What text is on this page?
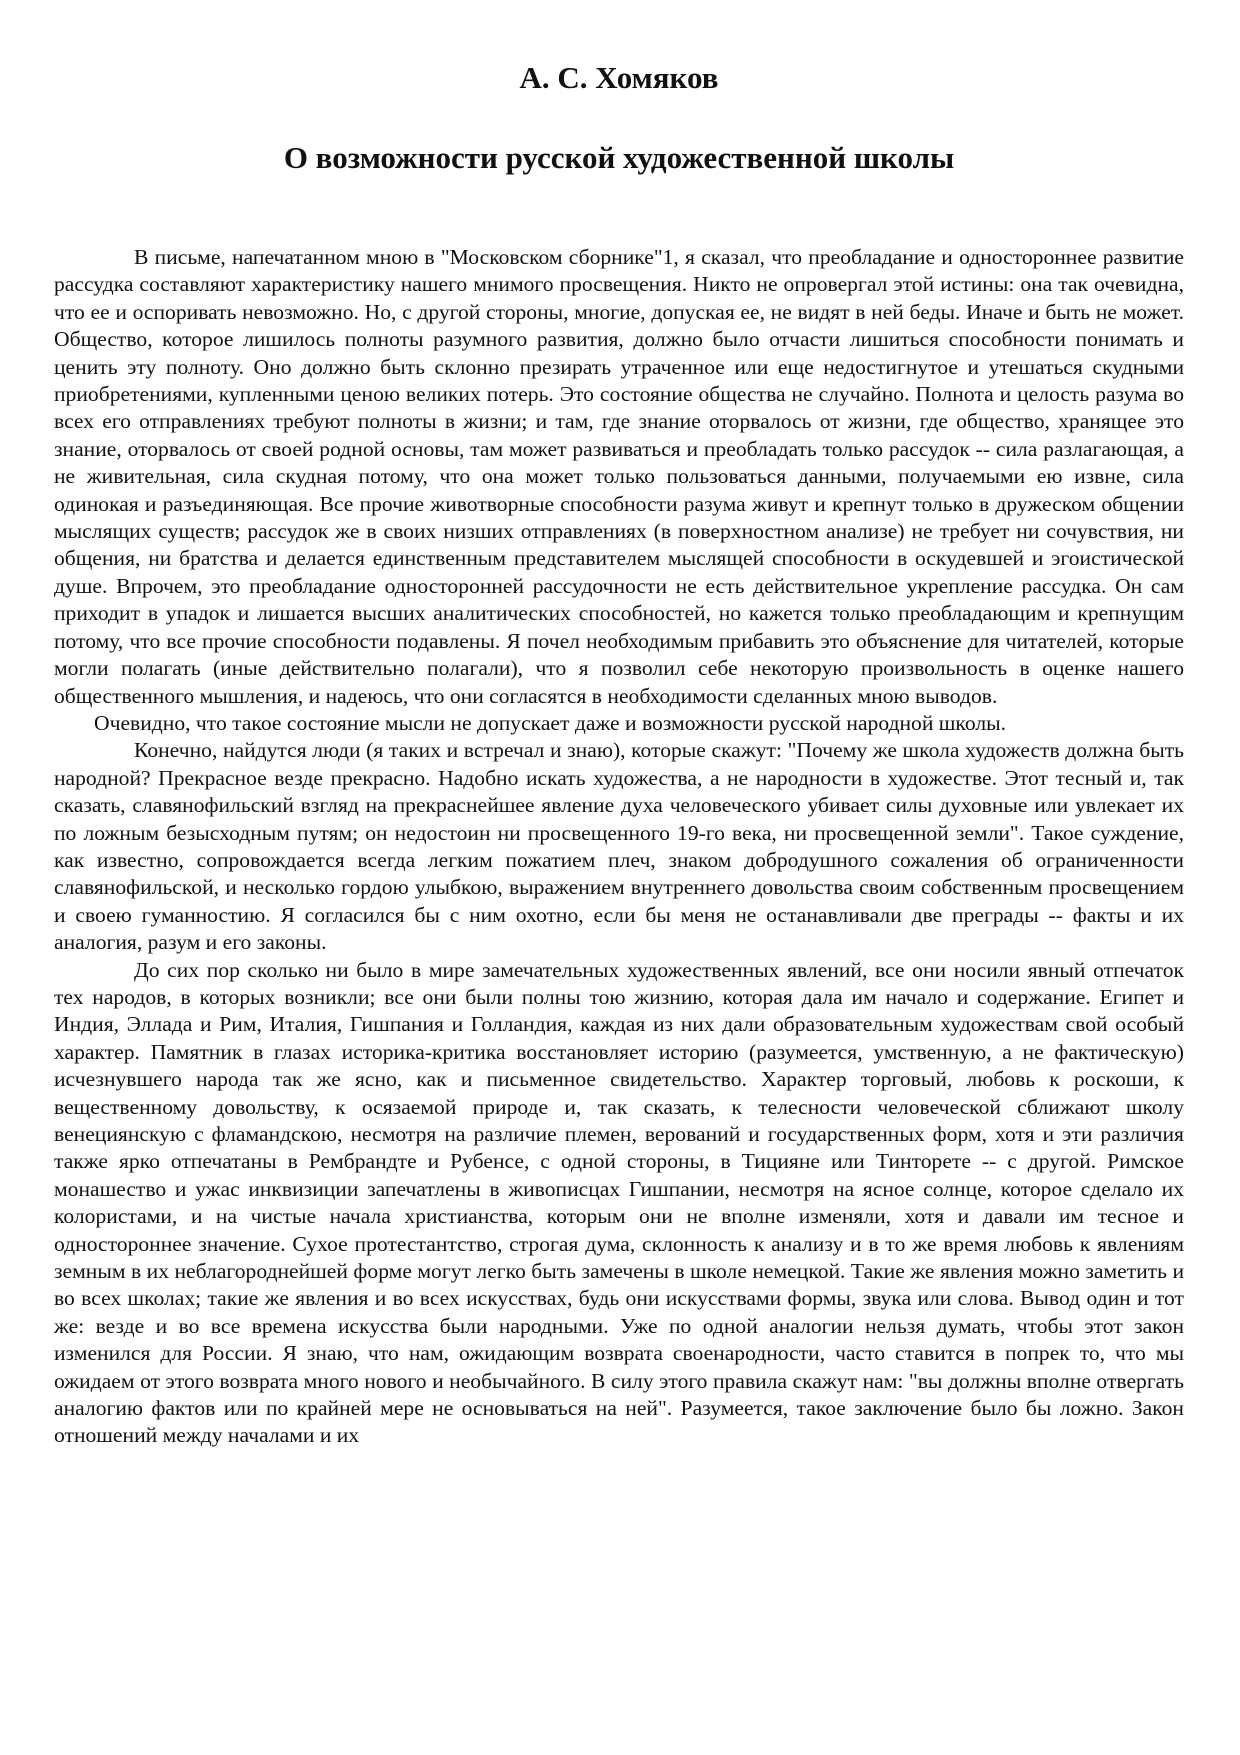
А. С. Хомяков
О возможности русской художественной школы

В письме, напечатанном мною в "Московском сборнике"1, я сказал, что преобладание и одностороннее развитие рассудка составляют характеристику нашего мнимого просвещения. Никто не опровергал этой истины: она так очевидна, что ее и оспоривать невозможно. Но, с другой стороны, многие, допуская ее, не видят в ней беды. Иначе и быть не может. Общество, которое лишилось полноты разумного развития, должно было отчасти лишиться способности понимать и ценить эту полноту. Оно должно быть склонно презирать утраченное или еще недостигнутое и утешаться скудными приобретениями, купленными ценою великих потерь. Это состояние общества не случайно. Полнота и целость разума во всех его отправлениях требуют полноты в жизни; и там, где знание оторвалось от жизни, где общество, хранящее это знание, оторвалось от своей родной основы, там может развиваться и преобладать только рассудок -- сила разлагающая, а не живительная, сила скудная потому, что она может только пользоваться данными, получаемыми ею извне, сила одинокая и разъединяющая. Все прочие животворные способности разума живут и крепнут только в дружеском общении мыслящих существ; рассудок же в своих низших отправлениях (в поверхностном анализе) не требует ни сочувствия, ни общения, ни братства и делается единственным представителем мыслящей способности в оскудевшей и эгоистической душе. Впрочем, это преобладание односторонней рассудочности не есть действительное укрепление рассудка. Он сам приходит в упадок и лишается высших аналитических способностей, но кажется только преобладающим и крепнущим потому, что все прочие способности подавлены. Я почел необходимым прибавить это объяснение для читателей, которые могли полагать (иные действительно полагали), что я позволил себе некоторую произвольность в оценке нашего общественного мышления, и надеюсь, что они согласятся в необходимости сделанных мною выводов.

Очевидно, что такое состояние мысли не допускает даже и возможности русской народной школы.

Конечно, найдутся люди (я таких и встречал и знаю), которые скажут: "Почему же школа художеств должна быть народной? Прекрасное везде прекрасно. Надобно искать художества, а не народности в художестве. Этот тесный и, так сказать, славянофильский взгляд на прекраснейшее явление духа человеческого убивает силы духовные или увлекает их по ложным безысходным путям; он недостоин ни просвещенного 19-го века, ни просвещенной земли". Такое суждение, как известно, сопровождается всегда легким пожатием плеч, знаком добродушного сожаления об ограниченности славянофильской, и несколько гордою улыбкою, выражением внутреннего довольства своим собственным просвещением и своею гуманностию. Я согласился бы с ним охотно, если бы меня не останавливали две преграды -- факты и их аналогия, разум и его законы.

До сих пор сколько ни было в мире замечательных художественных явлений, все они носили явный отпечаток тех народов, в которых возникли; все они были полны тою жизнию, которая дала им начало и содержание. Египет и Индия, Эллада и Рим, Италия, Гишпания и Голландия, каждая из них дали образовательным художествам свой особый характер. Памятник в глазах историка-критика восстановляет историю (разумеется, умственную, а не фактическую) исчезнувшего народа так же ясно, как и письменное свидетельство. Характер торговый, любовь к роскоши, к вещественному довольству, к осязаемой природе и, так сказать, к телесности человеческой сближают школу венециянскую с фламандскою, несмотря на различие племен, верований и государственных форм, хотя и эти различия также ярко отпечатаны в Рембрандте и Рубенсе, с одной стороны, в Тицияне или Тинторете -- с другой. Римское монашество и ужас инквизиции запечатлены в живописцах Гишпании, несмотря на ясное солнце, которое сделало их колористами, и на чистые начала христианства, которым они не вполне изменяли, хотя и давали им тесное и одностороннее значение. Сухое протестантство, строгая дума, склонность к анализу и в то же время любовь к явлениям земным в их неблагороднейшей форме могут легко быть замечены в школе немецкой. Такие же явления можно заметить и во всех школах; такие же явления и во всех искусствах, будь они искусствами формы, звука или слова. Вывод один и тот же: везде и во все времена искусства были народными. Уже по одной аналогии нельзя думать, чтобы этот закон изменился для России. Я знаю, что нам, ожидающим возврата своенародности, часто ставится в попрек то, что мы ожидаем от этого возврата много нового и необычайного. В силу этого правила скажут нам: "вы должны вполне отвергать аналогию фактов или по крайней мере не основываться на ней". Разумеется, такое заключение было бы ложно. Закон отношений между началами и их
